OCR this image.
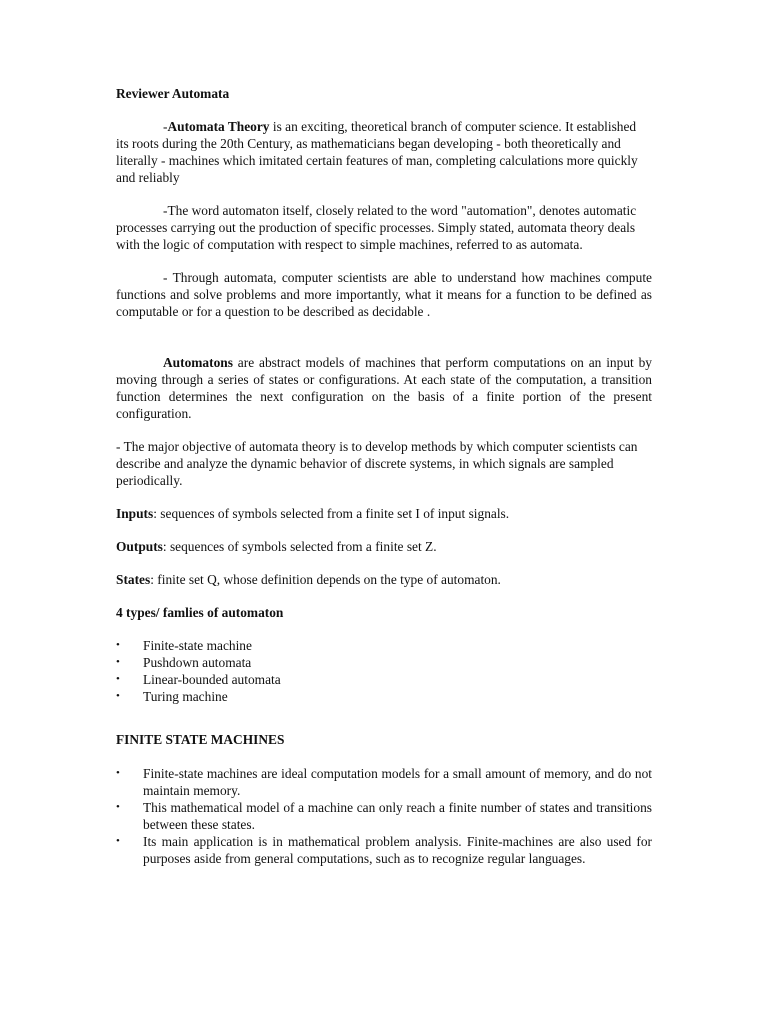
Reviewer Automata

-Automata Theory is an exciting, theoretical branch of computer science. It established its roots during the 20th Century, as mathematicians began developing - both theoretically and literally - machines which imitated certain features of man, completing calculations more quickly and reliably

-The word automaton itself, closely related to the word "automation", denotes automatic processes carrying out the production of specific processes. Simply stated, automata theory deals with the logic of computation with respect to simple machines, referred to as automata.

- Through automata, computer scientists are able to understand how machines compute functions and solve problems and more importantly, what it means for a function to be defined as computable or for a question to be described as decidable .

Automatons are abstract models of machines that perform computations on an input by moving through a series of states or configurations. At each state of the computation, a transition function determines the next configuration on the basis of a finite portion of the present configuration.

- The major objective of automata theory is to develop methods by which computer scientists can describe and analyze the dynamic behavior of discrete systems, in which signals are sampled periodically.

Inputs: sequences of symbols selected from a finite set I of input signals.

Outputs: sequences of symbols selected from a finite set Z.

States: finite set Q, whose definition depends on the type of automaton.

4 types/ famlies of automaton

•	Finite-state machine
•	Pushdown automata
•	Linear-bounded automata
•	Turing machine

FINITE STATE MACHINES

•	Finite-state machines are ideal computation models for a small amount of memory, and do not maintain memory.
•	This mathematical model of a machine can only reach a finite number of states and transitions between these states.
•	Its main application is in mathematical problem analysis. Finite-machines are also used for purposes aside from general computations, such as to recognize regular languages.
